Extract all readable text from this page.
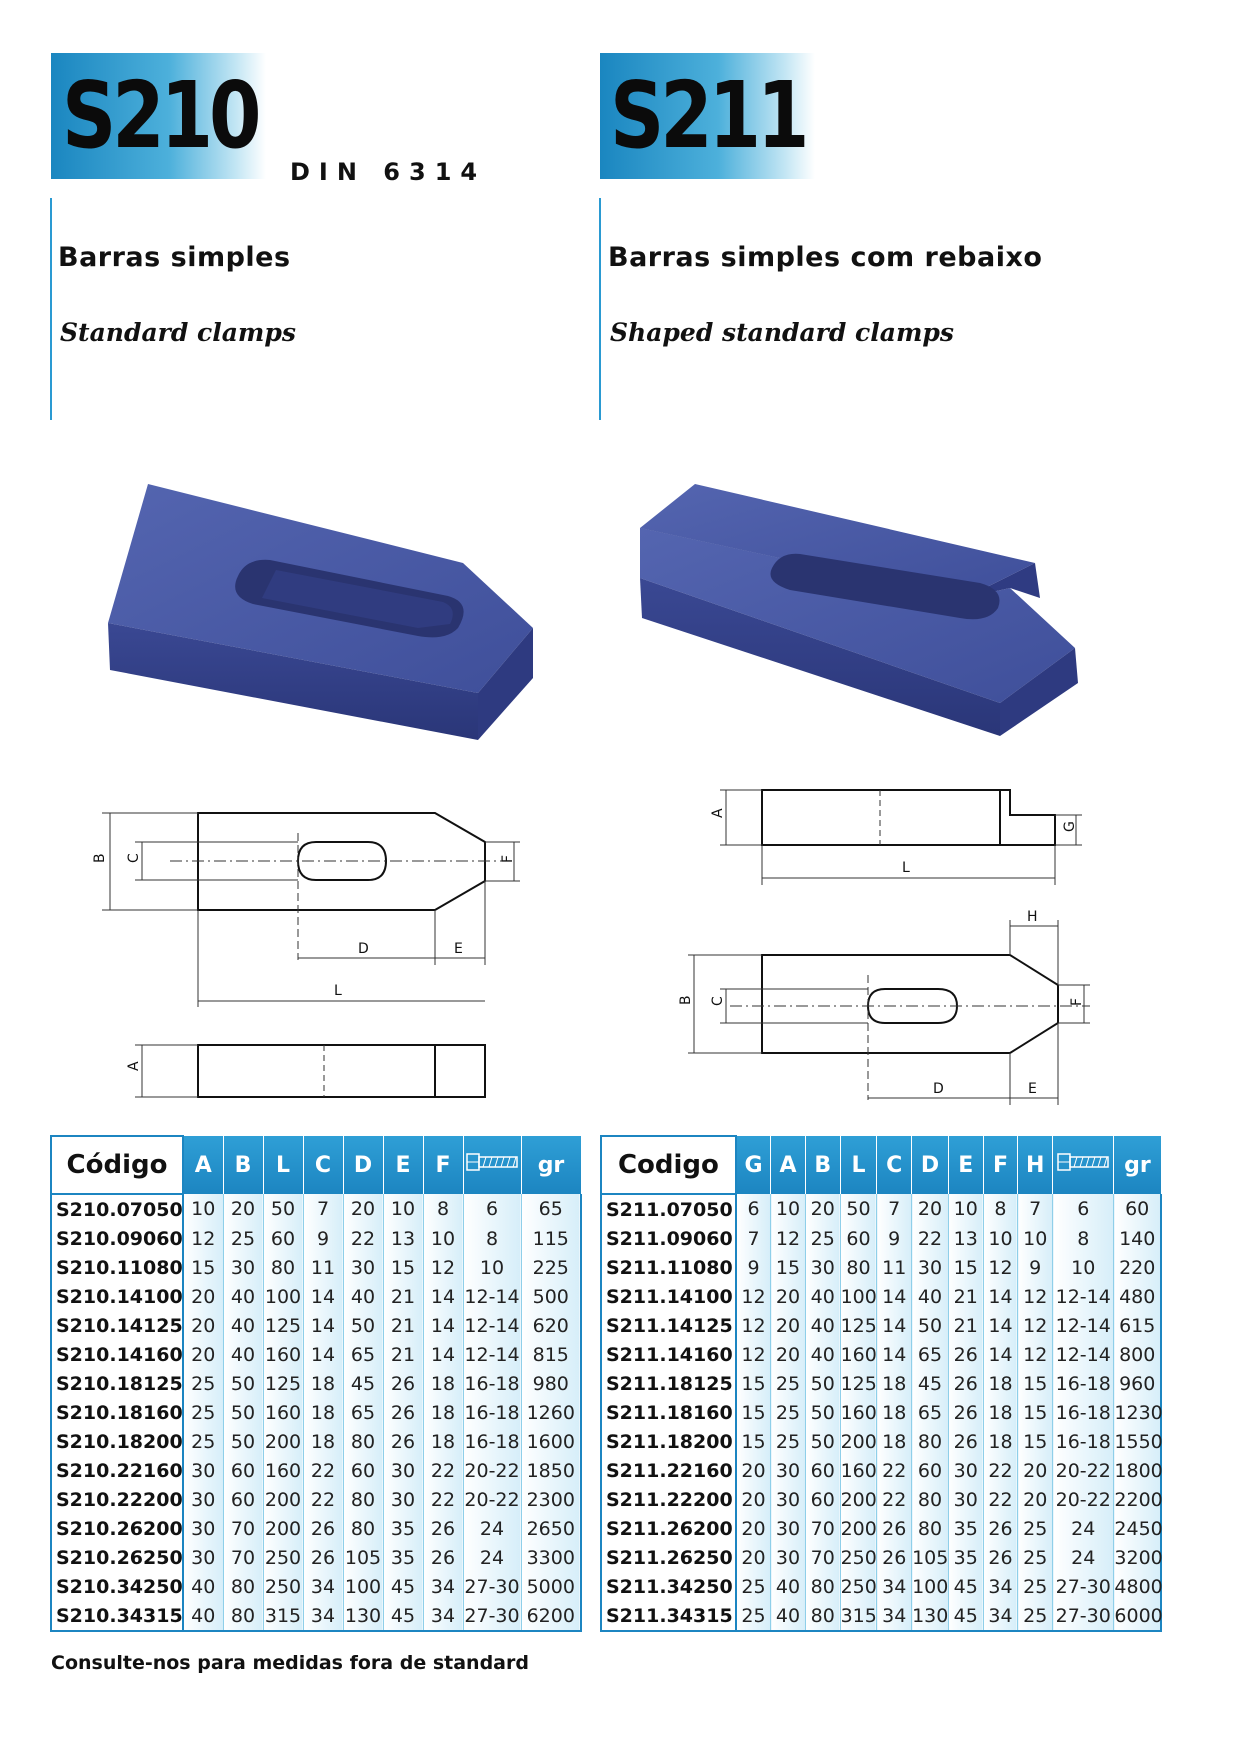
S210
DIN 6314
Barras simples
Standard clamps
S211
Barras simples com rebaixo
Shaped standard clamps
B C	F
D	E
L
A
A
G
L
H
B C	F
D	E
Código	A	B	L	C	D	E	F		gr
S210.07050	10	20	50	7	20	10	8	6	65
S210.09060	12	25	60	9	22	13	10	8	115
S210.11080	15	30	80	11	30	15	12	10	225
S210.14100	20	40	100	14	40	21	14	12-14	500
S210.14125	20	40	125	14	50	21	14	12-14	620
S210.14160	20	40	160	14	65	21	14	12-14	815
S210.18125	25	50	125	18	45	26	18	16-18	980
S210.18160	25	50	160	18	65	26	18	16-18	1260
S210.18200	25	50	200	18	80	26	18	16-18	1600
S210.22160	30	60	160	22	60	30	22	20-22	1850
S210.22200	30	60	200	22	80	30	22	20-22	2300
S210.26200	30	70	200	26	80	35	26	24	2650
S210.26250	30	70	250	26	105	35	26	24	3300
S210.34250	40	80	250	34	100	45	34	27-30	5000
S210.34315	40	80	315	34	130	45	34	27-30	6200
Codigo	G	A	B	L	C	D	E	F	H		gr
S211.07050	6	10	20	50	7	20	10	8	7	6	60
S211.09060	7	12	25	60	9	22	13	10	10	8	140
S211.11080	9	15	30	80	11	30	15	12	9	10	220
S211.14100	12	20	40	100	14	40	21	14	12	12-14	480
S211.14125	12	20	40	125	14	50	21	14	12	12-14	615
S211.14160	12	20	40	160	14	65	26	14	12	12-14	800
S211.18125	15	25	50	125	18	45	26	18	15	16-18	960
S211.18160	15	25	50	160	18	65	26	18	15	16-18	1230
S211.18200	15	25	50	200	18	80	26	18	15	16-18	1550
S211.22160	20	30	60	160	22	60	30	22	20	20-22	1800
S211.22200	20	30	60	200	22	80	30	22	20	20-22	2200
S211.26200	20	30	70	200	26	80	35	26	25	24	2450
S211.26250	20	30	70	250	26	105	35	26	25	24	3200
S211.34250	25	40	80	250	34	100	45	34	25	27-30	4800
S211.34315	25	40	80	315	34	130	45	34	25	27-30	6000
Consulte-nos para medidas fora de standard
